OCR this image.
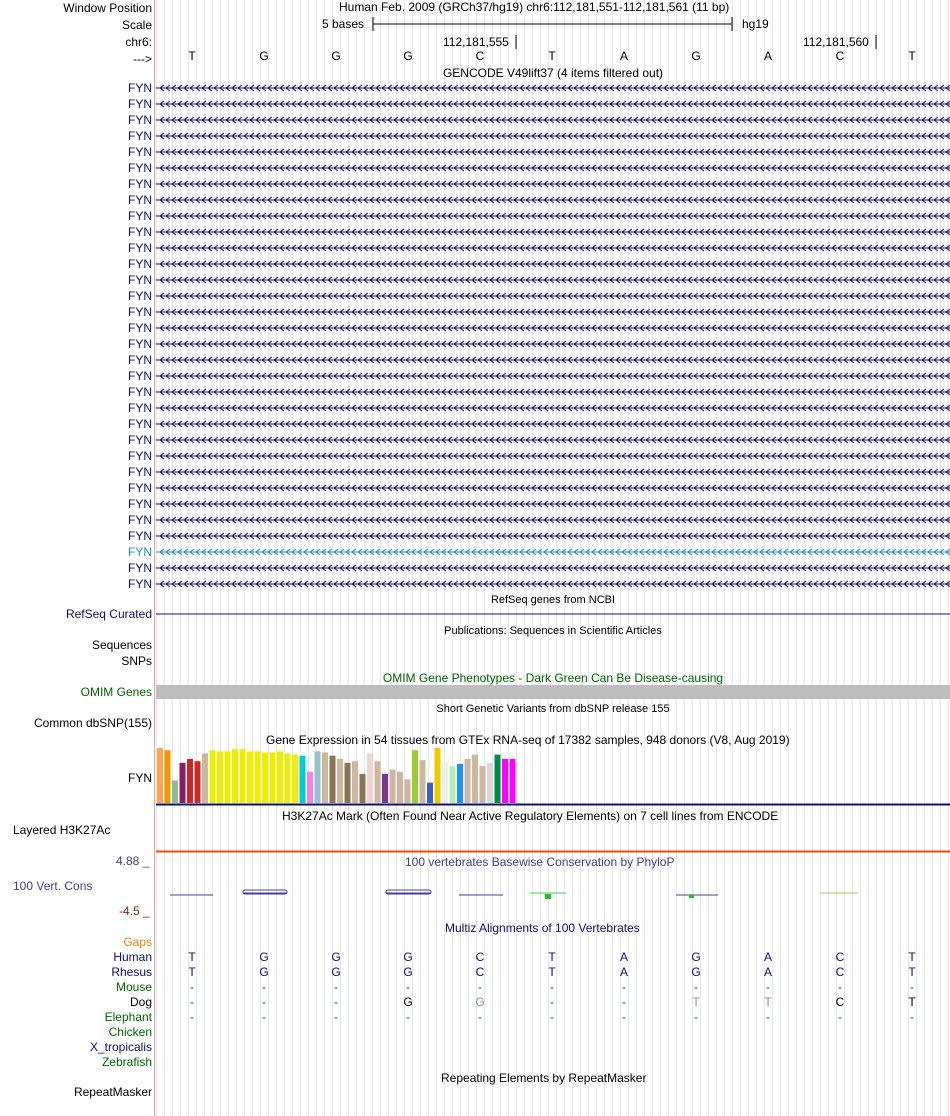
Window Position
Scale
chr6:
--->
Human Feb. 2009 (GRCh37/hg19) chr6:112,181,551-112,181,561 (11 bp)
5 bases	hg19
112,181,555	112,181,560
T	G	G	G	C	T	A	G	A	C	T
GENCODE V49lift37 (4 items filtered out)
FYN
FYN
FYN
FYN
FYN
FYN
FYN
FYN
FYN
FYN
FYN
FYN
FYN
FYN
FYN
FYN
FYN
FYN
FYN
FYN
FYN
FYN
FYN
FYN
FYN
FYN
FYN
FYN
FYN
FYN
FYN
FYN
RefSeq genes from NCBI
RefSeq Curated
Publications: Sequences in Scientific Articles
Sequences
SNPs
OMIM Gene Phenotypes - Dark Green Can Be Disease-causing
OMIM Genes
Short Genetic Variants from dbSNP release 155
Common dbSNP(155)
Gene Expression in 54 tissues from GTEx RNA-seq of 17382 samples, 948 donors (V8, Aug 2019)
FYN
H3K27Ac Mark (Often Found Near Active Regulatory Elements) on 7 cell lines from ENCODE
Layered H3K27Ac
100 vertebrates Basewise Conservation by PhyloP
4.88 _
100 Vert. Cons
-4.5 _
Multiz Alignments of 100 Vertebrates
Gaps
Human	T	G	G	G	C	T	A	G	A	C	T
Rhesus	T	G	G	G	C	T	A	G	A	C	T
Mouse	-	-	-	-	-	-	-	-	-	-	-
Dog	-	-	-	G	G	-	-	T	T	C	T
Elephant	-	-	-	-	-	-	-	-	-	-	-
Chicken
X_tropicalis
Zebrafish
Repeating Elements by RepeatMasker
RepeatMasker
